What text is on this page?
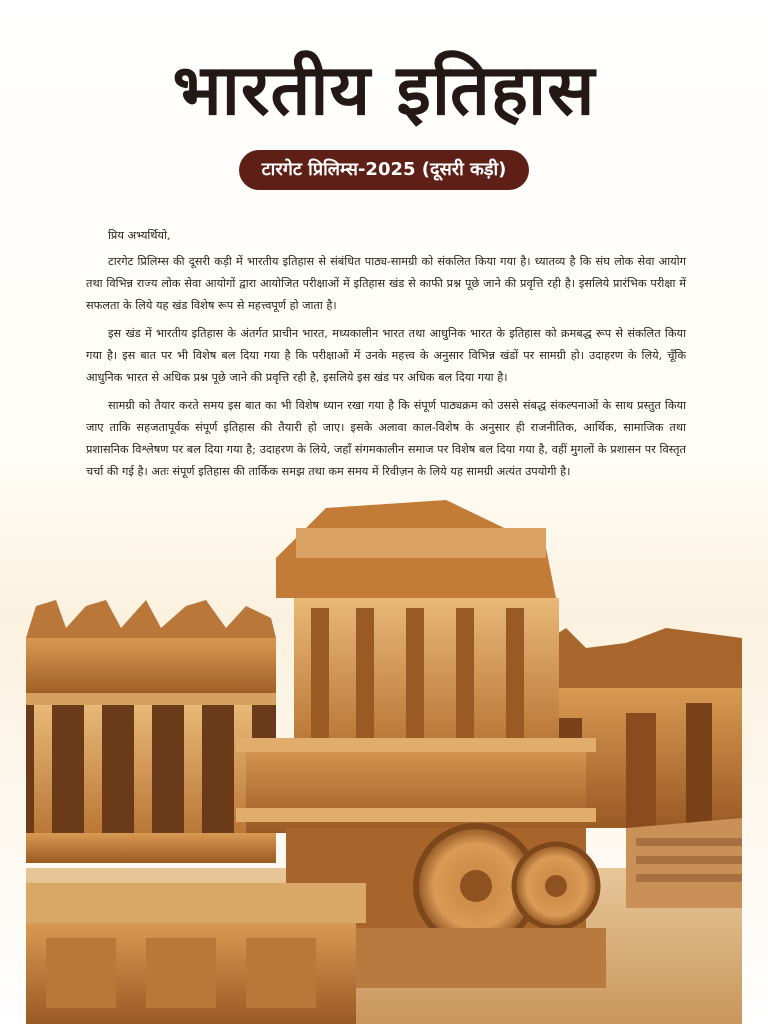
भारतीय इतिहास
टारगेट प्रिलिम्स-2025 (दूसरी कड़ी)

प्रिय अभ्यर्थियो,

टारगेट प्रिलिम्स की दूसरी कड़ी में भारतीय इतिहास से संबंधित पाठ्य-सामग्री को संकलित किया गया है। ध्यातव्य है कि संघ लोक सेवा आयोग तथा विभिन्न राज्य लोक सेवा आयोगों द्वारा आयोजित परीक्षाओं में इतिहास खंड से काफी प्रश्न पूछे जाने की प्रवृत्ति रही है। इसलिये प्रारंभिक परीक्षा में सफलता के लिये यह खंड विशेष रूप से महत्त्वपूर्ण हो जाता है।

इस खंड में भारतीय इतिहास के अंतर्गत प्राचीन भारत, मध्यकालीन भारत तथा आधुनिक भारत के इतिहास को क्रमबद्ध रूप से संकलित किया गया है। इस बात पर भी विशेष बल दिया गया है कि परीक्षाओं में उनके महत्त्व के अनुसार विभिन्न खंडों पर सामग्री हो। उदाहरण के लिये, चूँकि आधुनिक भारत से अधिक प्रश्न पूछे जाने की प्रवृत्ति रही है, इसलिये इस खंड पर अधिक बल दिया गया है।

सामग्री को तैयार करते समय इस बात का भी विशेष ध्यान रखा गया है कि संपूर्ण पाठ्यक्रम को उससे संबद्ध संकल्पनाओं के साथ प्रस्तुत किया जाए ताकि सहजतापूर्वक संपूर्ण इतिहास की तैयारी हो जाए। इसके अलावा काल-विशेष के अनुसार ही राजनीतिक, आर्थिक, सामाजिक तथा प्रशासनिक विश्लेषण पर बल दिया गया है; उदाहरण के लिये, जहाँ संगमकालीन समाज पर विशेष बल दिया गया है, वहीं मुगलों के प्रशासन पर विस्तृत चर्चा की गई है। अतः संपूर्ण इतिहास की तार्किक समझ तथा कम समय में रिवीज़न के लिये यह सामग्री अत्यंत उपयोगी है।
